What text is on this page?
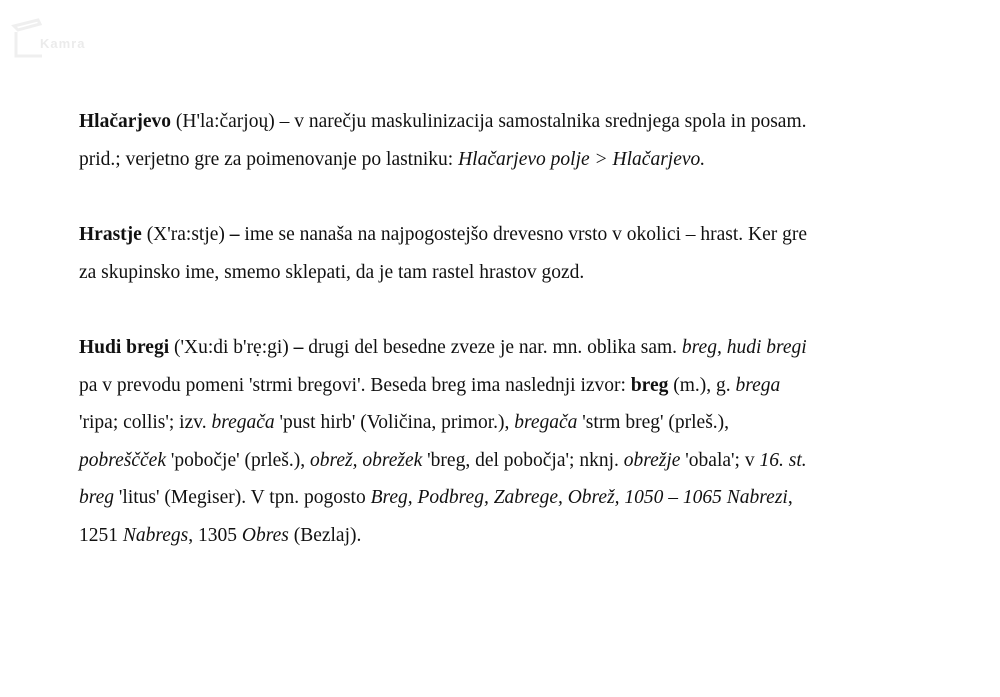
Kamra

Hlačarjevo (H'la:čarjoų) – v narečju maskulinizacija samostalnika srednjega spola in posam.

prid.; verjetno gre za poimenovanje po lastniku: Hlačarjevo polje > Hlačarjevo.

Hrastje (X'ra:stje) – ime se nanaša na najpogostejšo drevesno vrsto v okolici – hrast. Ker gre

za skupinsko ime, smemo sklepati, da je tam rastel hrastov gozd.

Hudi bregi ('Xu:di b'rẹ:gi) – drugi del besedne zveze je nar. mn. oblika sam. breg, hudi bregi

pa v prevodu pomeni 'strmi bregovi'. Beseda breg ima naslednji izvor: breg (m.), g. brega

'ripa; collis'; izv. bregača 'pust hirb' (Voličina, primor.), bregača 'strm breg' (prleš.),

pobreščček 'pobočje' (prleš.), obrež, obrežek 'breg, del pobočja'; nknj. obrežje 'obala'; v 16. st.

breg 'litus' (Megiser). V tpn. pogosto Breg, Podbreg, Zabrege, Obrež, 1050 – 1065 Nabrezi,

1251 Nabregs, 1305 Obres (Bezlaj).
